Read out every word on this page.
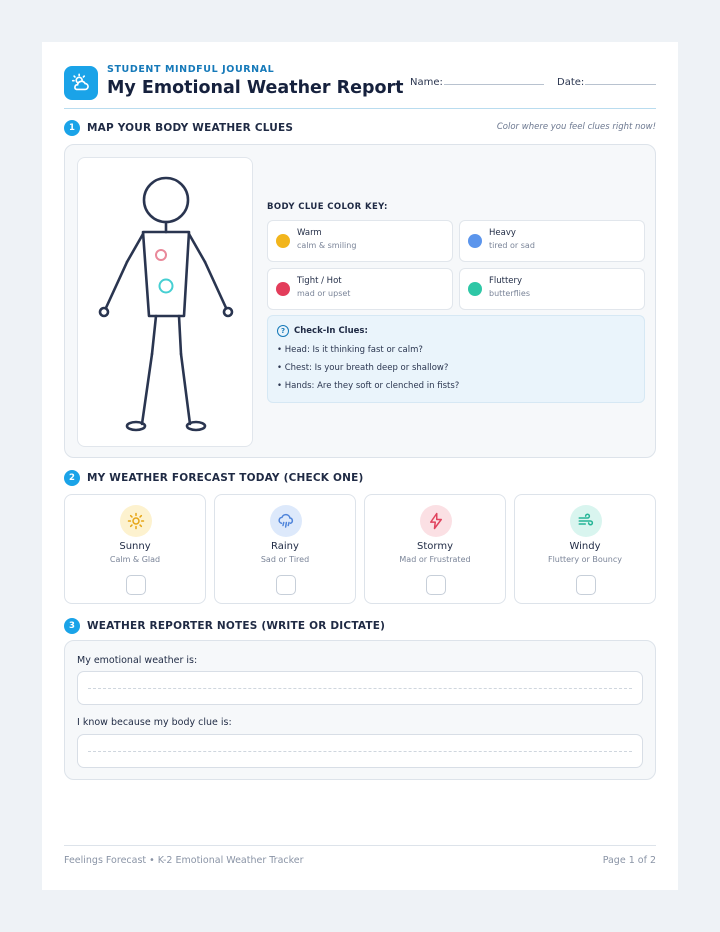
STUDENT MINDFUL JOURNAL
My Emotional Weather Report Name:	Date:
1	MAP YOUR BODY WEATHER CLUES	Color where you feel clues right now!
BODY CLUE COLOR KEY:
Warm
calm & smiling
Heavy
tired or sad
Tight / Hot
mad or upset
Fluttery
butterflies
?	Check-In Clues:
• Head: Is it thinking fast or calm?
• Chest: Is your breath deep or shallow?
• Hands: Are they soft or clenched in fists?
2	MY WEATHER FORECAST TODAY (CHECK ONE)
Sunny
Calm & Glad
Rainy
Sad or Tired
Stormy
Mad or Frustrated
Windy
Fluttery or Bouncy
3	WEATHER REPORTER NOTES (WRITE OR DICTATE)
My emotional weather is:
I know because my body clue is:
Feelings Forecast • K-2 Emotional Weather Tracker	Page 1 of 2
